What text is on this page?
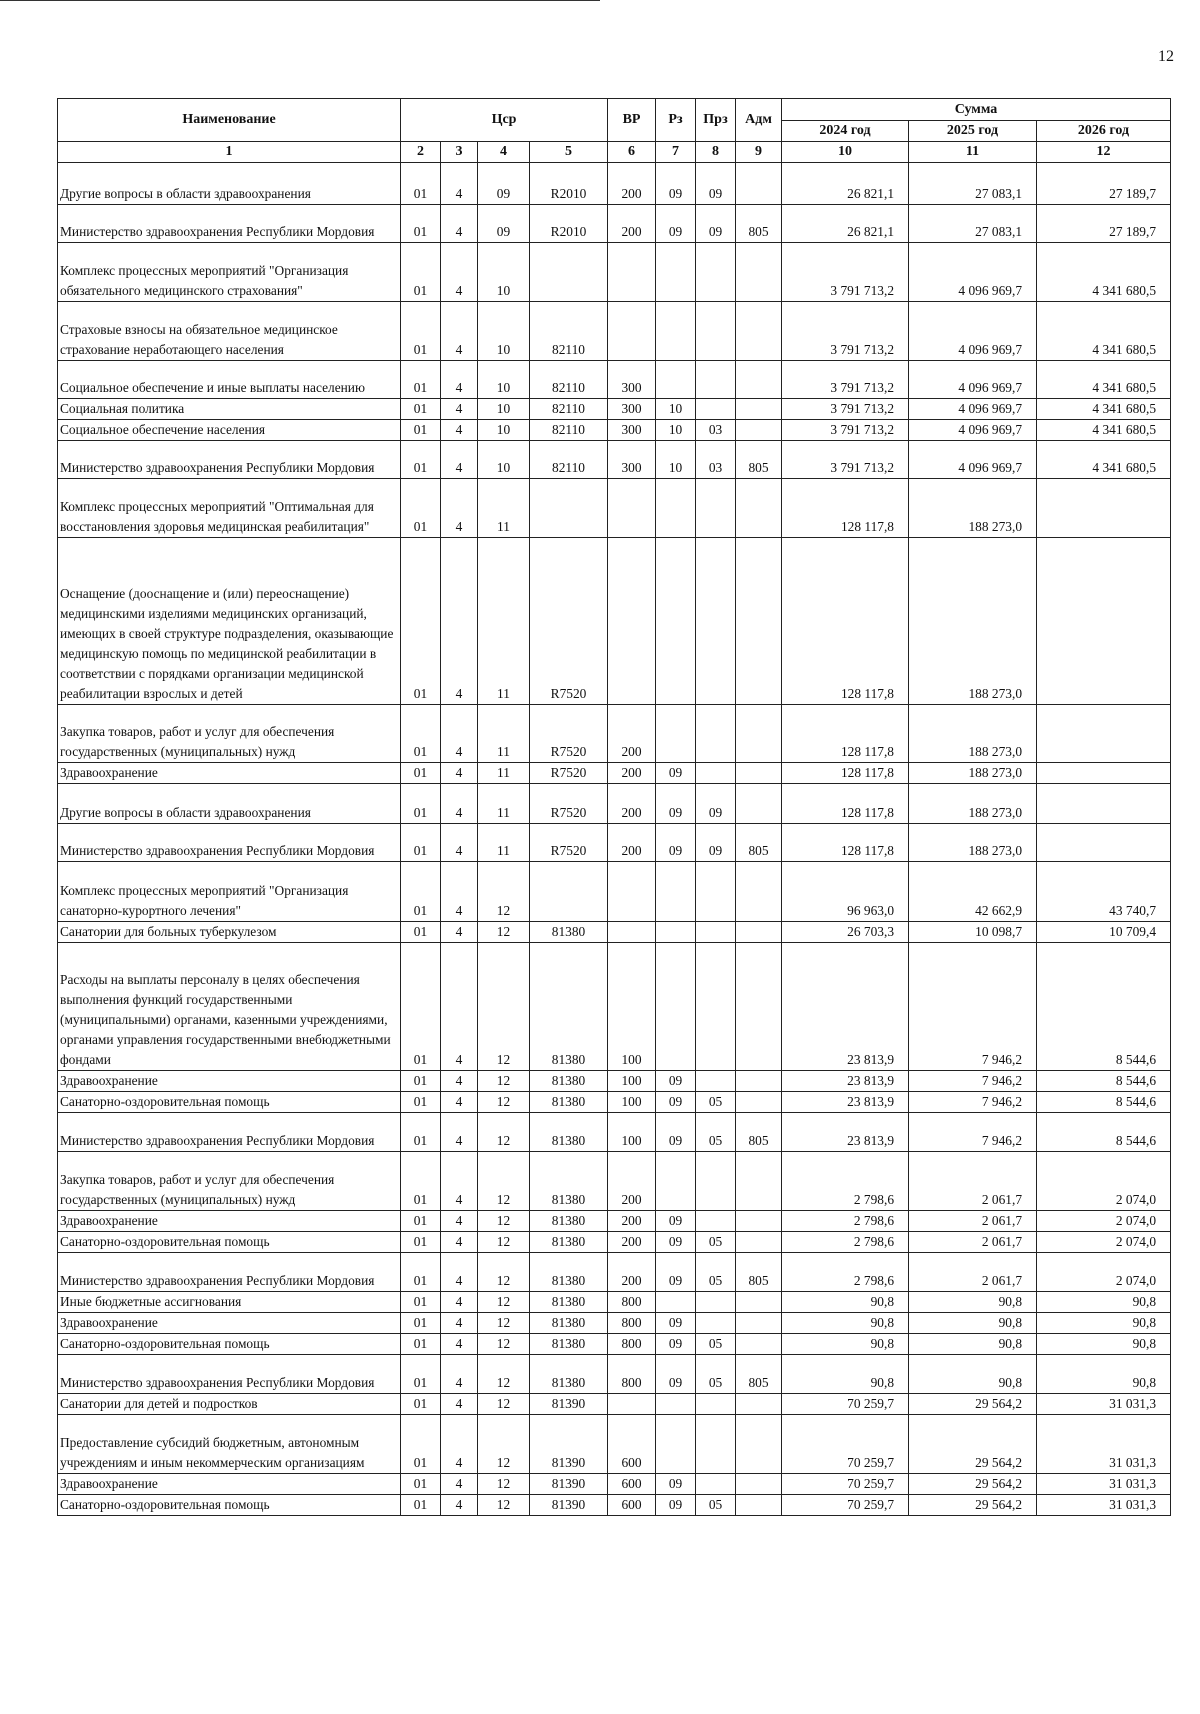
12
Наименование	Цср				ВР	Рз	Прз	Адм	Сумма		
									2024 год	2025 год	2026 год
1	2	3	4	5	6	7	8	9	10	11	12
Другие вопросы в области здравоохранения	01	4	09	R2010	200	09	09		26 821,1	27 083,1	27 189,7
Министерство здравоохранения Республики Мордовия	01	4	09	R2010	200	09	09	805	26 821,1	27 083,1	27 189,7
Комплекс процессных мероприятий "Организация обязательного медицинского страхования"	01	4	10						3 791 713,2	4 096 969,7	4 341 680,5
Страховые взносы на обязательное медицинское страхование неработающего населения	01	4	10	82110					3 791 713,2	4 096 969,7	4 341 680,5
Социальное обеспечение и иные выплаты населению	01	4	10	82110	300				3 791 713,2	4 096 969,7	4 341 680,5
Социальная политика	01	4	10	82110	300	10			3 791 713,2	4 096 969,7	4 341 680,5
Социальное обеспечение населения	01	4	10	82110	300	10	03		3 791 713,2	4 096 969,7	4 341 680,5
Министерство здравоохранения Республики Мордовия	01	4	10	82110	300	10	03	805	3 791 713,2	4 096 969,7	4 341 680,5
Комплекс процессных мероприятий "Оптимальная для восстановления здоровья медицинская реабилитация"	01	4	11						128 117,8	188 273,0	
Оснащение (дооснащение и (или) переоснащение) медицинскими изделиями медицинских организаций, имеющих в своей структуре подразделения, оказывающие медицинскую помощь по медицинской реабилитации в соответствии с порядками организации медицинской реабилитации взрослых и детей	01	4	11	R7520					128 117,8	188 273,0	
Закупка товаров, работ и услуг для обеспечения государственных (муниципальных) нужд	01	4	11	R7520	200				128 117,8	188 273,0	
Здравоохранение	01	4	11	R7520	200	09			128 117,8	188 273,0	
Другие вопросы в области здравоохранения	01	4	11	R7520	200	09	09		128 117,8	188 273,0	
Министерство здравоохранения Республики Мордовия	01	4	11	R7520	200	09	09	805	128 117,8	188 273,0	
Комплекс процессных мероприятий "Организация санаторно-курортного лечения"	01	4	12						96 963,0	42 662,9	43 740,7
Санатории для больных туберкулезом	01	4	12	81380					26 703,3	10 098,7	10 709,4
Расходы на выплаты персоналу в целях обеспечения выполнения функций государственными (муниципальными) органами, казенными учреждениями, органами управления государственными внебюджетными фондами	01	4	12	81380	100				23 813,9	7 946,2	8 544,6
Здравоохранение	01	4	12	81380	100	09			23 813,9	7 946,2	8 544,6
Санаторно-оздоровительная помощь	01	4	12	81380	100	09	05		23 813,9	7 946,2	8 544,6
Министерство здравоохранения Республики Мордовия	01	4	12	81380	100	09	05	805	23 813,9	7 946,2	8 544,6
Закупка товаров, работ и услуг для обеспечения государственных (муниципальных) нужд	01	4	12	81380	200				2 798,6	2 061,7	2 074,0
Здравоохранение	01	4	12	81380	200	09			2 798,6	2 061,7	2 074,0
Санаторно-оздоровительная помощь	01	4	12	81380	200	09	05		2 798,6	2 061,7	2 074,0
Министерство здравоохранения Республики Мордовия	01	4	12	81380	200	09	05	805	2 798,6	2 061,7	2 074,0
Иные бюджетные ассигнования	01	4	12	81380	800				90,8	90,8	90,8
Здравоохранение	01	4	12	81380	800	09			90,8	90,8	90,8
Санаторно-оздоровительная помощь	01	4	12	81380	800	09	05		90,8	90,8	90,8
Министерство здравоохранения Республики Мордовия	01	4	12	81380	800	09	05	805	90,8	90,8	90,8
Санатории для детей и подростков	01	4	12	81390					70 259,7	29 564,2	31 031,3
Предоставление субсидий бюджетным, автономным учреждениям и иным некоммерческим организациям	01	4	12	81390	600				70 259,7	29 564,2	31 031,3
Здравоохранение	01	4	12	81390	600	09			70 259,7	29 564,2	31 031,3
Санаторно-оздоровительная помощь	01	4	12	81390	600	09	05		70 259,7	29 564,2	31 031,3
